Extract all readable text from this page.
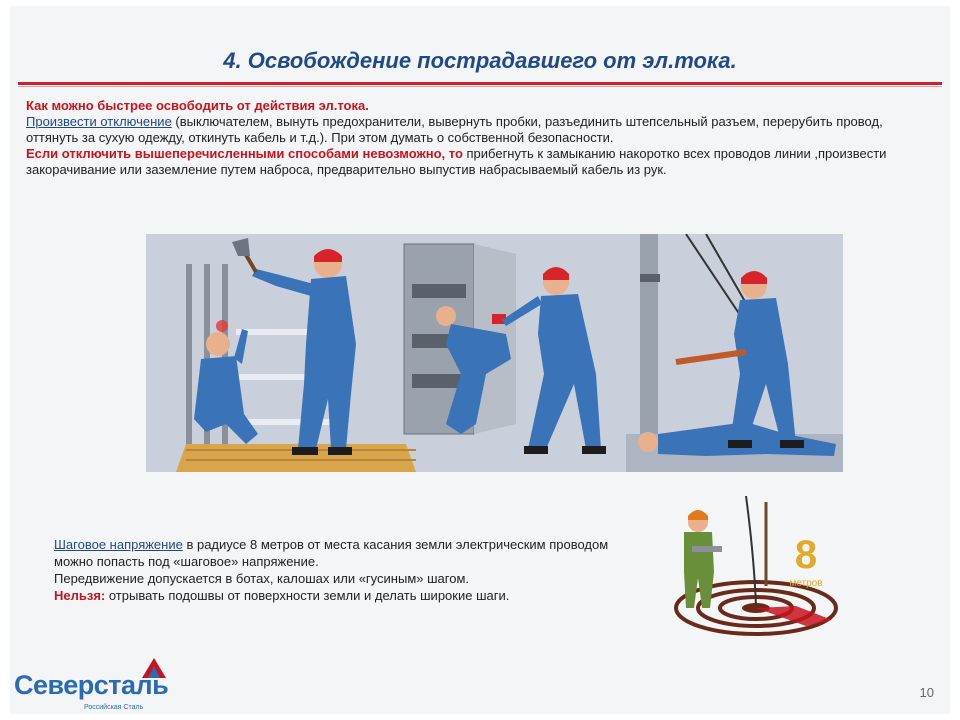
4. Освобождение пострадавшего от эл.тока.
Как можно быстрее освободить от действия эл.тока.
Произвести отключение (выключателем, вынуть предохранители, вывернуть пробки, разъединить штепсельный разъем, перерубить провод, оттянуть за сухую одежду, откинуть кабель и т.д.). При этом думать о собственной безопасности.
Если отключить вышеперечисленными способами невозможно, то прибегнуть к замыканию накоротко всех проводов линии ,произвести закорачивание или заземление путем наброса, предварительно выпустив набрасываемый кабель из рук.
Шаговое напряжение в радиусе 8 метров от места касания земли электрическим проводом можно попасть под «шаговое» напряжение.
Передвижение допускается в ботах, калошах или «гусиным» шагом.
Нельзя: отрывать подошвы от поверхности земли и делать широкие шаги.
8
метров
Северсталь
Российская Сталь
10
